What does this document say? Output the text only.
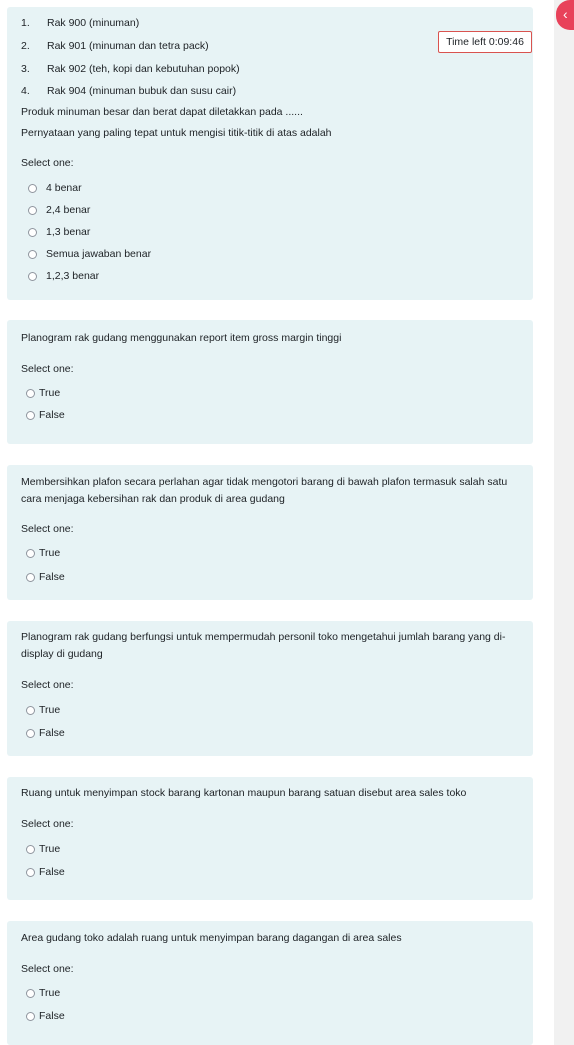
‹
1. Rak 900 (minuman)
2. Rak 901 (minuman dan tetra pack)
3. Rak 902 (teh, kopi dan kebutuhan popok)
4. Rak 904 (minuman bubuk dan susu cair)
Produk minuman besar dan berat dapat diletakkan pada ......
Pernyataan yang paling tepat untuk mengisi titik-titik di atas adalah
Select one:
4 benar
2,4 benar
1,3 benar
Semua jawaban benar
1,2,3 benar
Time left 0:09:46
Planogram rak gudang menggunakan report item gross margin tinggi
Select one:
True
False
Membersihkan plafon secara perlahan agar tidak mengotori barang di bawah plafon termasuk salah satu cara menjaga kebersihan rak dan produk di area gudang
Select one:
True
False
Planogram rak gudang berfungsi untuk mempermudah personil toko mengetahui jumlah barang yang di-display di gudang
Select one:
True
False
Ruang untuk menyimpan stock barang kartonan maupun barang satuan disebut area sales toko
Select one:
True
False
Area gudang toko adalah ruang untuk menyimpan barang dagangan di area sales
Select one:
True
False
